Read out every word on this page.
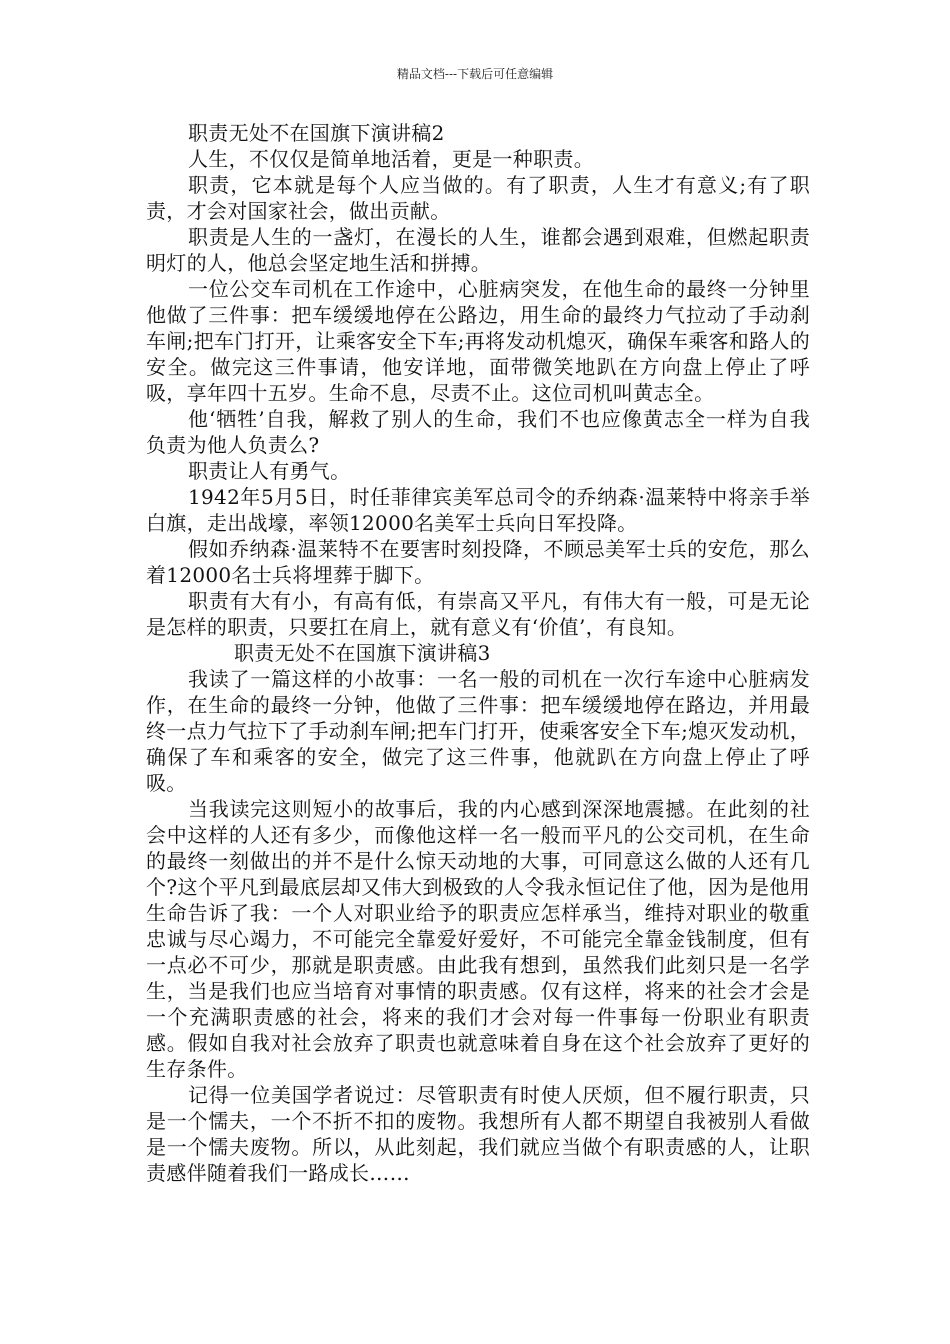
精品文档---下载后可任意编辑

职责无处不在国旗下演讲稿2

人生，不仅仅是简单地活着，更是一种职责。

职责，它本就是每个人应当做的。有了职责，人生才有意义;有了职责，才会对国家社会，做出贡献。

职责是人生的一盏灯，在漫长的人生，谁都会遇到艰难，但燃起职责明灯的人，他总会坚定地生活和拼搏。

一位公交车司机在工作途中，心脏病突发，在他生命的最终一分钟里他做了三件事：把车缓缓地停在公路边，用生命的最终力气拉动了手动刹车闸;把车门打开，让乘客安全下车;再将发动机熄灭，确保车乘客和路人的安全。做完这三件事请，他安详地，面带微笑地趴在方向盘上停止了呼吸，享年四十五岁。生命不息，尽责不止。这位司机叫黄志全。

他‘牺牲’自我，解救了别人的生命，我们不也应像黄志全一样为自我负责为他人负责么?

职责让人有勇气。

1942年5月5日，时任菲律宾美军总司令的乔纳森·温莱特中将亲手举白旗，走出战壕，率领12000名美军士兵向日军投降。

假如乔纳森·温莱特不在要害时刻投降，不顾忌美军士兵的安危，那么着12000名士兵将埋葬于脚下。

职责有大有小，有高有低，有崇高又平凡，有伟大有一般，可是无论是怎样的职责，只要扛在肩上，就有意义有‘价值’，有良知。

职责无处不在国旗下演讲稿3

我读了一篇这样的小故事：一名一般的司机在一次行车途中心脏病发作，在生命的最终一分钟，他做了三件事：把车缓缓地停在路边，并用最终一点力气拉下了手动刹车闸;把车门打开，使乘客安全下车;熄灭发动机，确保了车和乘客的安全，做完了这三件事，他就趴在方向盘上停止了呼吸。

当我读完这则短小的故事后，我的内心感到深深地震撼。在此刻的社会中这样的人还有多少，而像他这样一名一般而平凡的公交司机，在生命的最终一刻做出的并不是什么惊天动地的大事，可同意这么做的人还有几个?这个平凡到最底层却又伟大到极致的人令我永恒记住了他，因为是他用生命告诉了我：一个人对职业给予的职责应怎样承当，维持对职业的敬重忠诚与尽心竭力，不可能完全靠爱好爱好，不可能完全靠金钱制度，但有一点必不可少，那就是职责感。由此我有想到，虽然我们此刻只是一名学生，当是我们也应当培育对事情的职责感。仅有这样，将来的社会才会是一个充满职责感的社会，将来的我们才会对每一件事每一份职业有职责感。假如自我对社会放弃了职责也就意味着自身在这个社会放弃了更好的生存条件。

记得一位美国学者说过：尽管职责有时使人厌烦，但不履行职责，只是一个懦夫，一个不折不扣的废物。我想所有人都不期望自我被别人看做是一个懦夫废物。所以，从此刻起，我们就应当做个有职责感的人，让职责感伴随着我们一路成长……
